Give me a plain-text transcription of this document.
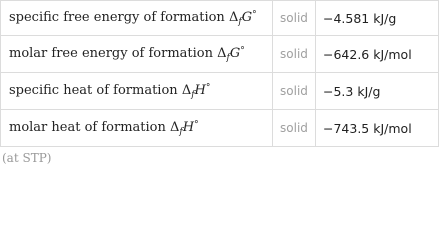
specific free energy of formation $\Delta_fG^\circ$	solid	−4.581 kJ/g
molar free energy of formation $\Delta_fG^\circ$	solid	−642.6 kJ/mol
specific heat of formation $\Delta_fH^\circ$	solid	−5.3 kJ/g
molar heat of formation $\Delta_fH^\circ$	solid	−743.5 kJ/mol
(at STP)
